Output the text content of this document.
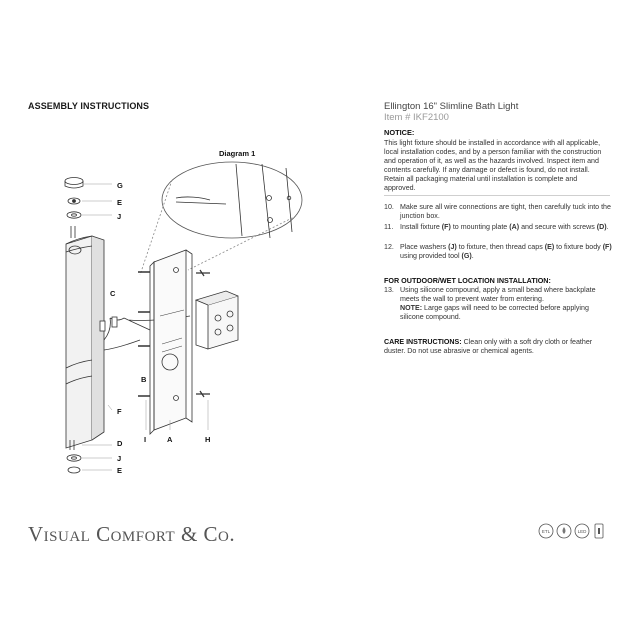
ASSEMBLY INSTRUCTIONS	Ellington 16" Slimline Bath Light
Item # IKF2100
NOTICE:
This light fixture should be installed in accordance with all applicable, local installation codes, and by a person familiar with the construction and operation of it, as well as the hazards involved. Inspect item and contents carefully. If any damage or defect is found, do not install. Retain all packaging material until installation is complete and approved.
10. Make sure all wire connections are tight, then carefully tuck into the junction box.
11. Install fixture (F) to mounting plate (A) and secure with screws (D).
12. Place washers (J) to fixture, then thread caps (E) to fixture body (F) using provided tool (G).
FOR OUTDOOR/WET LOCATION INSTALLATION:
13. Using silicone compound, apply a small bead where backplate meets the wall to prevent water from entering.
NOTE: Large gaps will need to be corrected before applying silicone compound.
CARE INSTRUCTIONS: Clean only with a soft dry cloth or feather duster. Do not use abrasive or chemical agents.
Diagram 1
G
E
J
C
B
F
D
J
E
I	A	H
Visual Comfort & Co.	ETL	LED
